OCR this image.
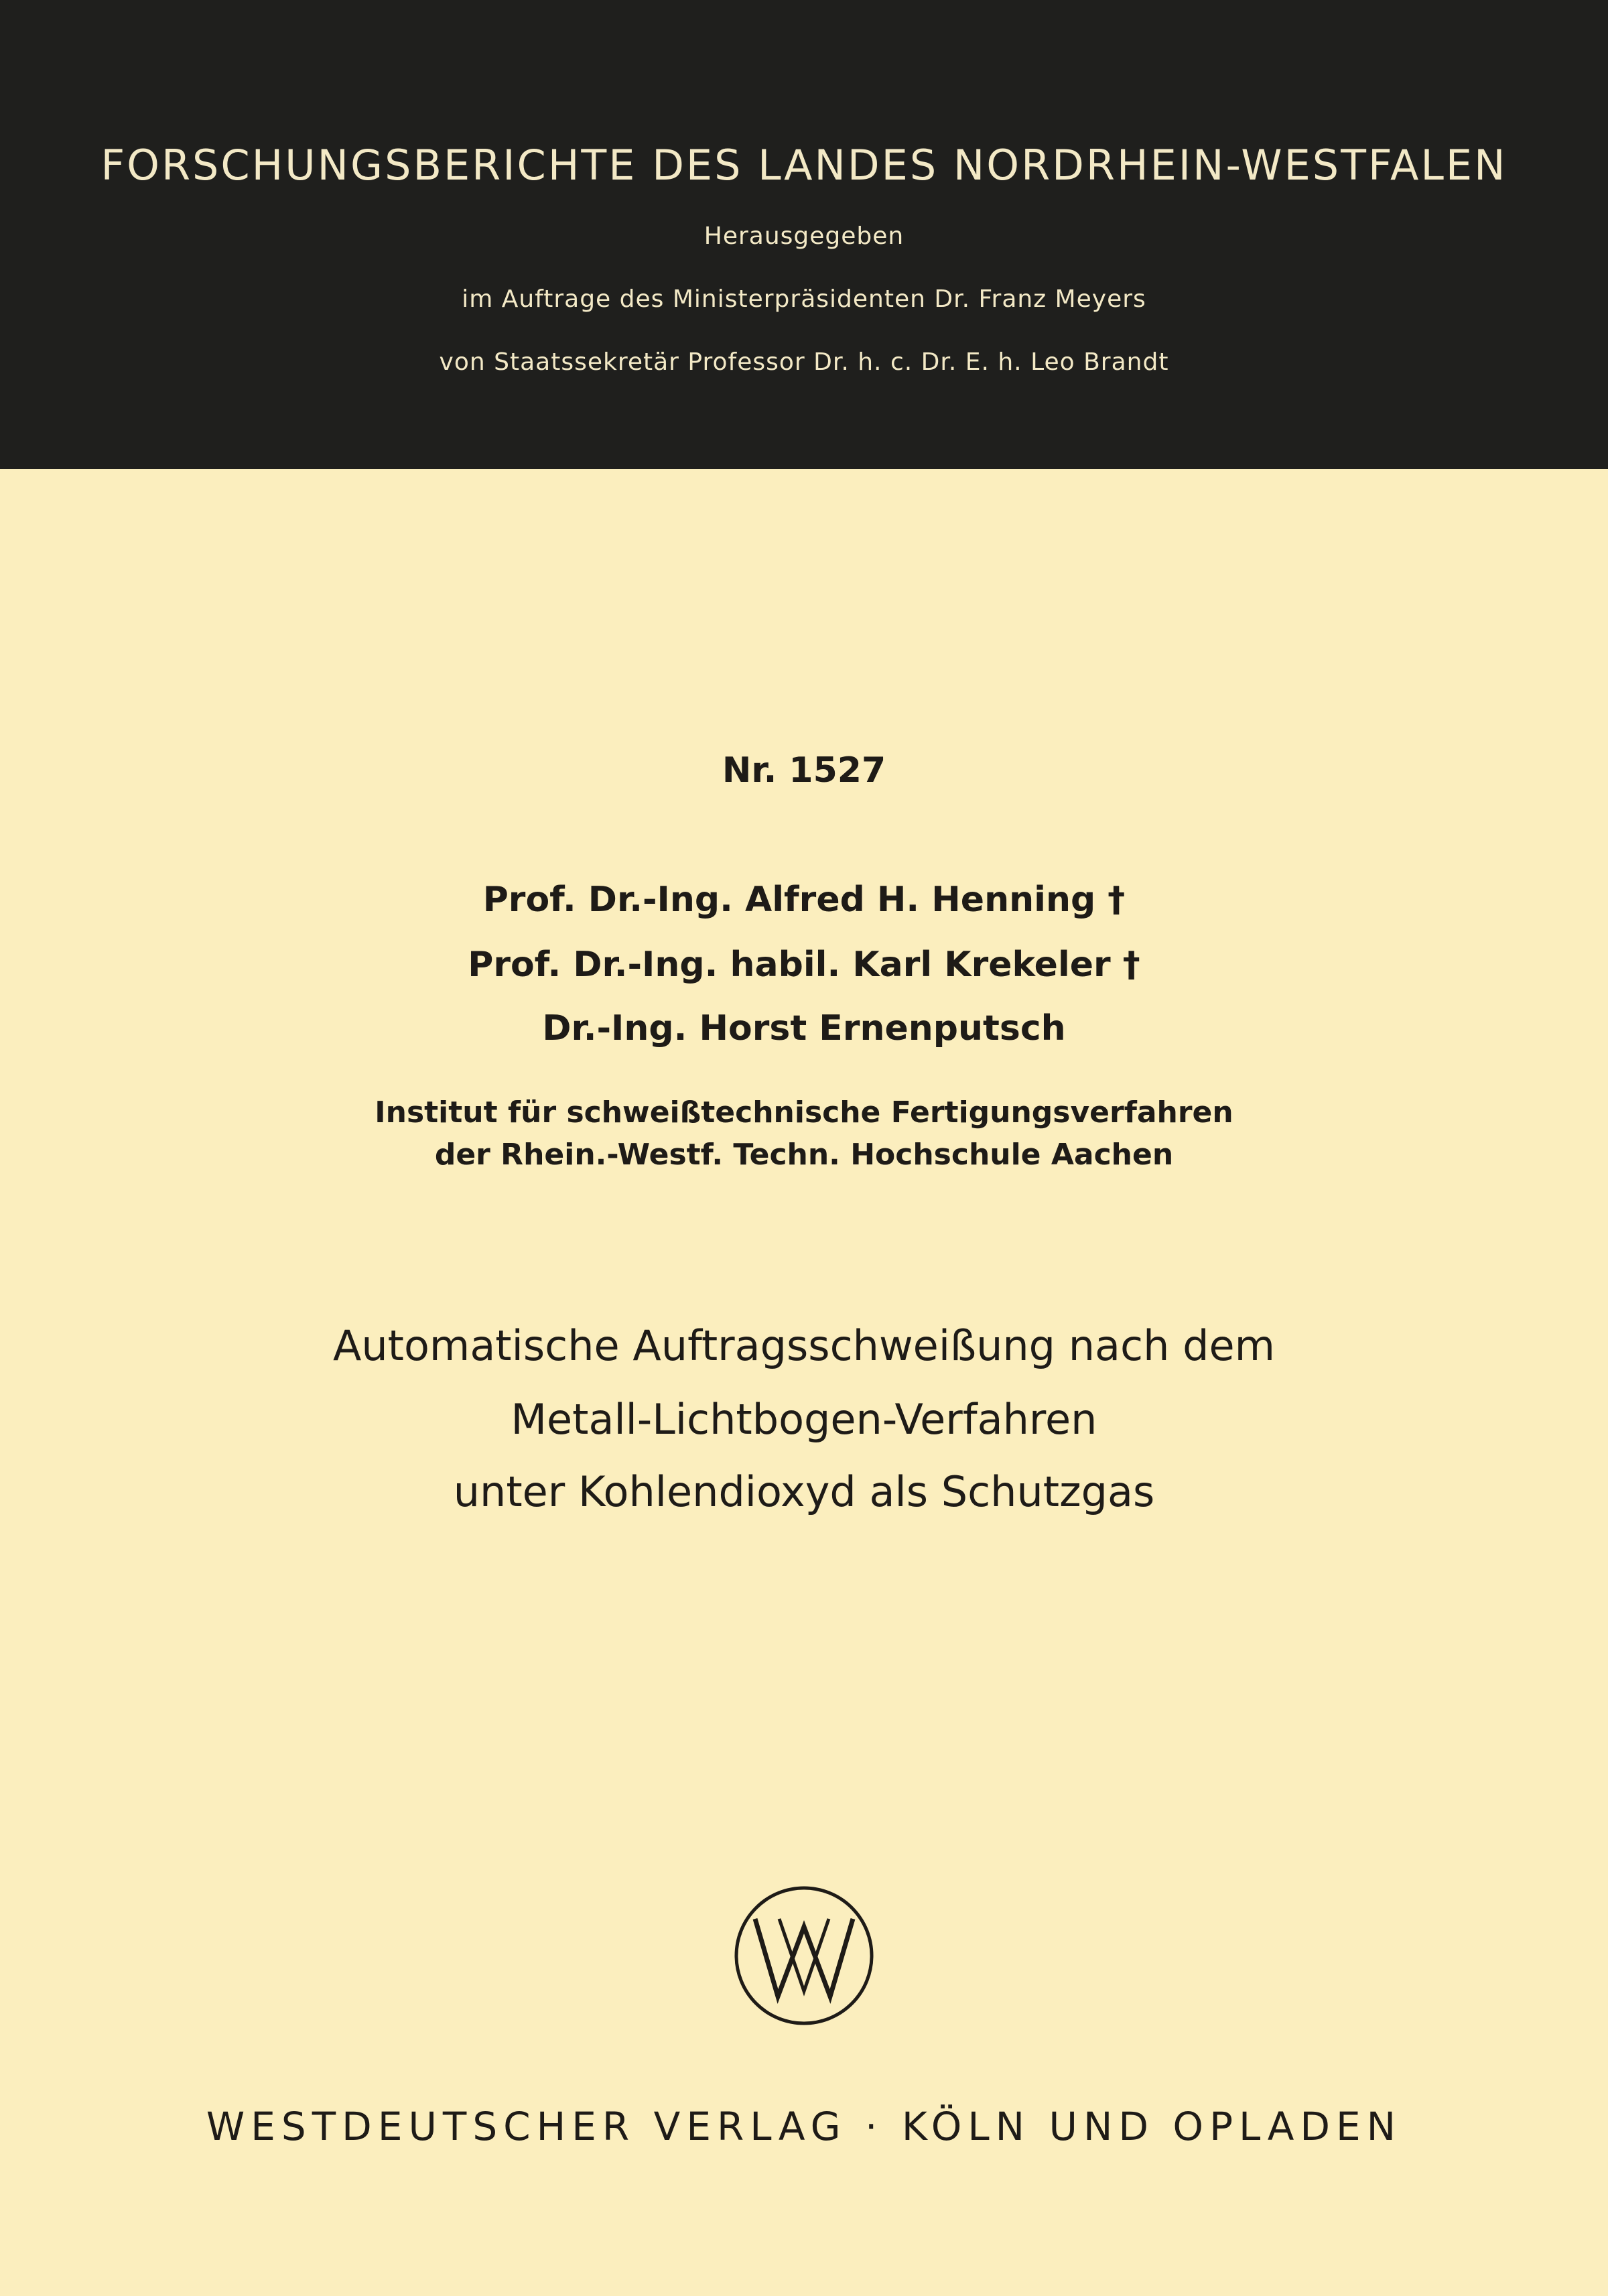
FORSCHUNGSBERICHTE DES LANDES NORDRHEIN-WESTFALEN
Herausgegeben
im Auftrage des Ministerpräsidenten Dr. Franz Meyers
von Staatssekretär Professor Dr. h. c. Dr. E. h. Leo Brandt
Nr. 1527
Prof. Dr.-Ing. Alfred H. Henning †
Prof. Dr.-Ing. habil. Karl Krekeler †
Dr.-Ing. Horst Ernenputsch
Institut für schweißtechnische Fertigungsverfahren
der Rhein.-Westf. Techn. Hochschule Aachen
Automatische Auftragsschweißung nach dem
Metall-Lichtbogen-Verfahren
unter Kohlendioxyd als Schutzgas
WESTDEUTSCHER VERLAG · KÖLN UND OPLADEN
